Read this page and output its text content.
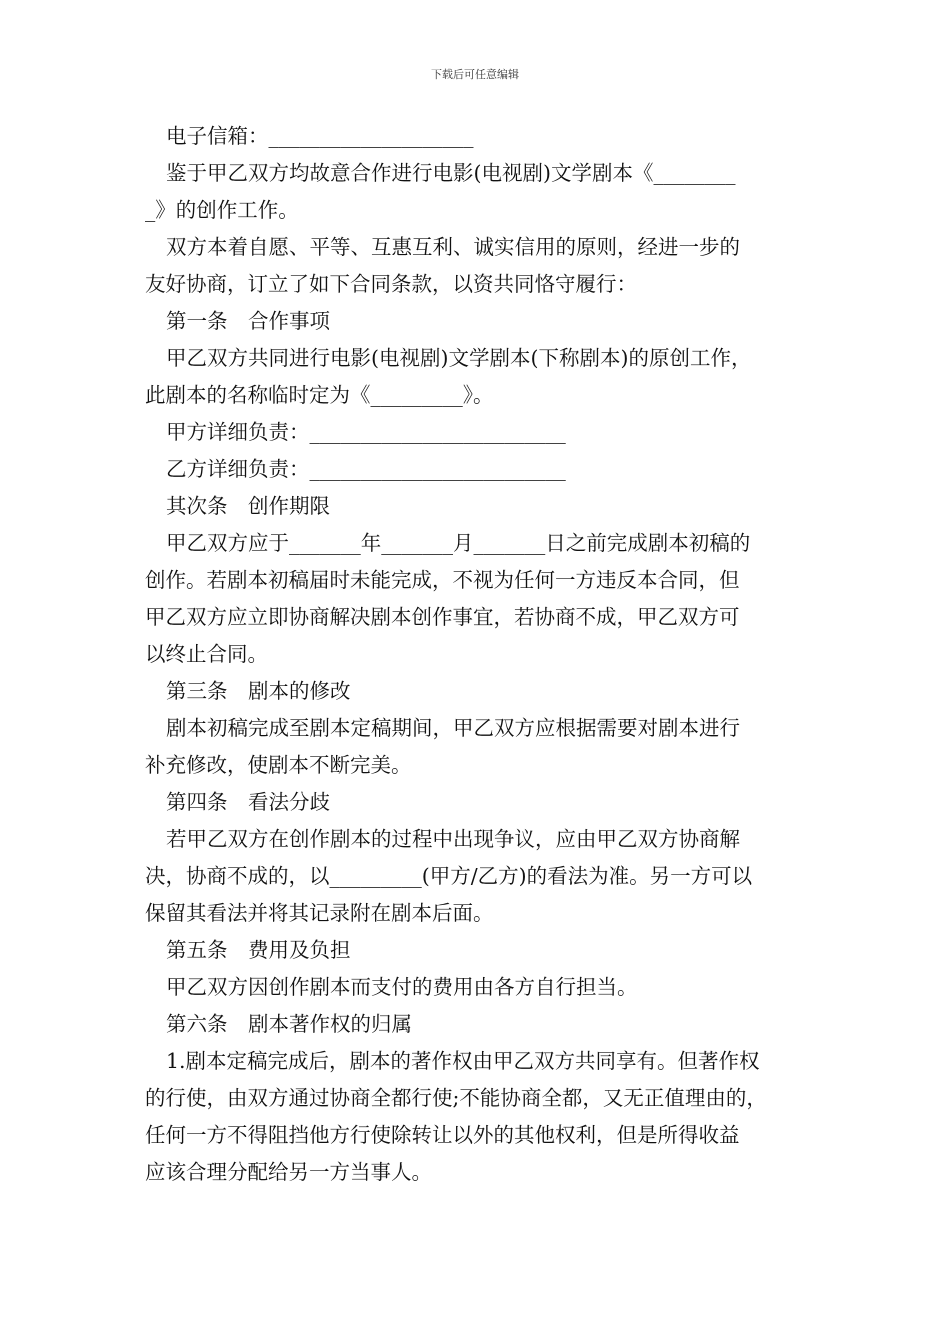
下载后可任意编辑
电子信箱：____________________
鉴于甲乙双方均故意合作进行电影(电视剧)文学剧本《________
_》的创作工作。
双方本着自愿、平等、互惠互利、诚实信用的原则，经进一步的
友好协商，订立了如下合同条款，以资共同恪守履行：
第一条　合作事项
甲乙双方共同进行电影(电视剧)文学剧本(下称剧本)的原创工作，
此剧本的名称临时定为《_________》。
甲方详细负责：_________________________
乙方详细负责：_________________________
其次条　创作期限
甲乙双方应于_______年_______月_______日之前完成剧本初稿的
创作。若剧本初稿届时未能完成，不视为任何一方违反本合同，但
甲乙双方应立即协商解决剧本创作事宜，若协商不成，甲乙双方可
以终止合同。
第三条　剧本的修改
剧本初稿完成至剧本定稿期间，甲乙双方应根据需要对剧本进行
补充修改，使剧本不断完美。
第四条　看法分歧
若甲乙双方在创作剧本的过程中出现争议，应由甲乙双方协商解
决，协商不成的，以_________(甲方/乙方)的看法为准。另一方可以
保留其看法并将其记录附在剧本后面。
第五条　费用及负担
甲乙双方因创作剧本而支付的费用由各方自行担当。
第六条　剧本著作权的归属
1.剧本定稿完成后，剧本的著作权由甲乙双方共同享有。但著作权
的行使，由双方通过协商全都行使;不能协商全都，又无正值理由的，
任何一方不得阻挡他方行使除转让以外的其他权利，但是所得收益
应该合理分配给另一方当事人。
